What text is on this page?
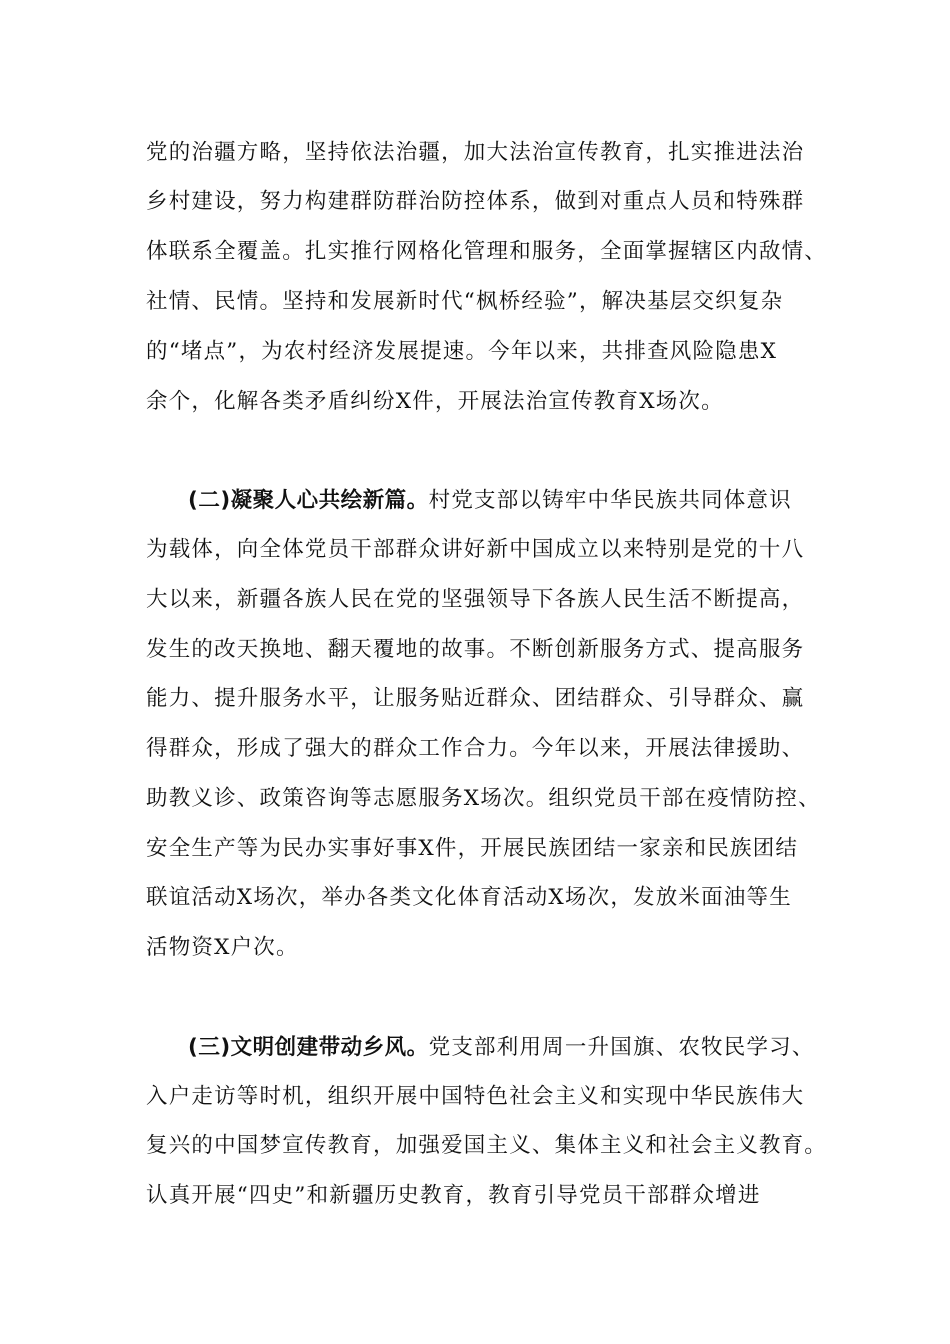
党的治疆方略，坚持依法治疆，加大法治宣传教育，扎实推进法治

乡村建设，努力构建群防群治防控体系，做到对重点人员和特殊群

体联系全覆盖。扎实推行网格化管理和服务，全面掌握辖区内敌情、

社情、民情。坚持和发展新时代“枫桥经验”，解决基层交织复杂

的“堵点”，为农村经济发展提速。今年以来，共排查风险隐患X

余个，化解各类矛盾纠纷X件，开展法治宣传教育X场次。

(二)凝聚人心共绘新篇。村党支部以铸牢中华民族共同体意识

为载体，向全体党员干部群众讲好新中国成立以来特别是党的十八

大以来，新疆各族人民在党的坚强领导下各族人民生活不断提高，

发生的改天换地、翻天覆地的故事。不断创新服务方式、提高服务

能力、提升服务水平，让服务贴近群众、团结群众、引导群众、赢

得群众，形成了强大的群众工作合力。今年以来，开展法律援助、

助教义诊、政策咨询等志愿服务X场次。组织党员干部在疫情防控、

安全生产等为民办实事好事X件，开展民族团结一家亲和民族团结

联谊活动X场次，举办各类文化体育活动X场次，发放米面油等生

活物资X户次。

(三)文明创建带动乡风。党支部利用周一升国旗、农牧民学习、

入户走访等时机，组织开展中国特色社会主义和实现中华民族伟大

复兴的中国梦宣传教育，加强爱国主义、集体主义和社会主义教育。

认真开展“四史”和新疆历史教育，教育引导党员干部群众增进
